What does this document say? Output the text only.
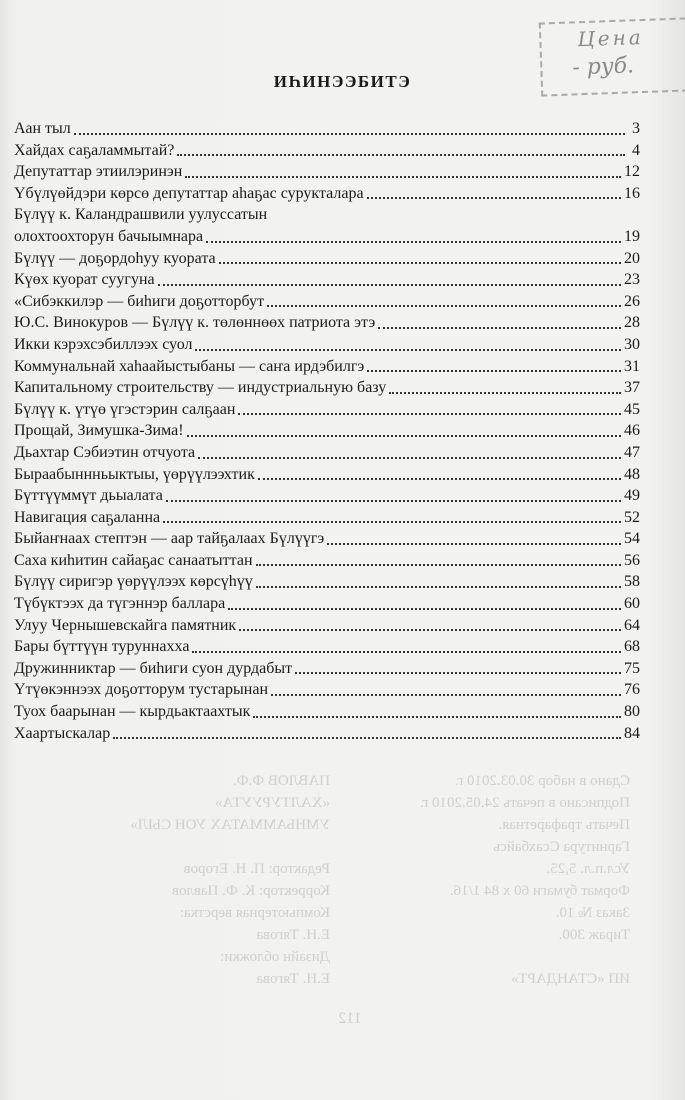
Цена
- руб.
ИҺИНЭЭБИТЭ
Аан тыл	3
Хайдах саҕаламмытай?	4
Депутаттар этиилэринэн	12
Үбүлүөйдэри көрсө депутаттар аһаҕас сурукталара	16
Бүлүү к. Каландрашвили уулуссатын
олохтоохторун бачыымнара	19
Бүлүү — доҕордоһуу куората	20
Күөх куорат суугуна	23
«Сибэккилэр — биһиги доҕотторбут	26
Ю.С. Винокуров — Бүлүү к. төлөннөөх патриота этэ	28
Икки кэрэхсэбиллээх суол	30
Коммунальнай хаһаайыстыбаны — саҥа ирдэбилгэ	31
Капитальному строительству — индустриальную базу	37
Бүлүү к. үтүө үгэстэрин салҕаан	45
Прощай, Зимушка-Зима!	46
Дьахтар Сэбиэтин отчуота	47
Быраабыннньыктыы, үөрүүлээхтик	48
Бүттүүммүт дьыалата	49
Навигация саҕаланна	52
Быйаҥнаах стептэн — аар тайҕалаах Бүлүүгэ	54
Саха киһитин сайаҕас санаатыттан	56
Бүлүү сиригэр үөрүүлээх көрсүһүү	58
Түбүктээх да түгэннэр баллара	60
Улуу Чернышевскайга памятник	64
Бары бүттүүн туруннахха	68
Дружинниктар — биһиги суон дурдабыт	75
Үтүөкэннээх доҕотторум тустарынан	76
Туох баарынан — кырдьактаахтык	80
Хаартыскалар	84
Сдано в набор 30.03.2010 г.
Подписано в печать 24.05.2010 г.
Печать трафаретная.
Гарнитура Ссахбайсь
Усл.п.л. 5,25.
Формат бумаги 60 х 84 1/16.
Заказ № 10.
Тираж 300.
ИП «СТАНДАРТ»
ПАВЛОВ Ф.Ф.
«ХАЛТУРУУТА»
УМНЬАММАТАХ УОН СЫЛ»
Редактор: П. Н. Егоров
Корректор: К. Ф. Павлов
Компьютерная верстка:
Е.Н. Тягова
Дизайн обложки:
Е.Н. Тягова
112
